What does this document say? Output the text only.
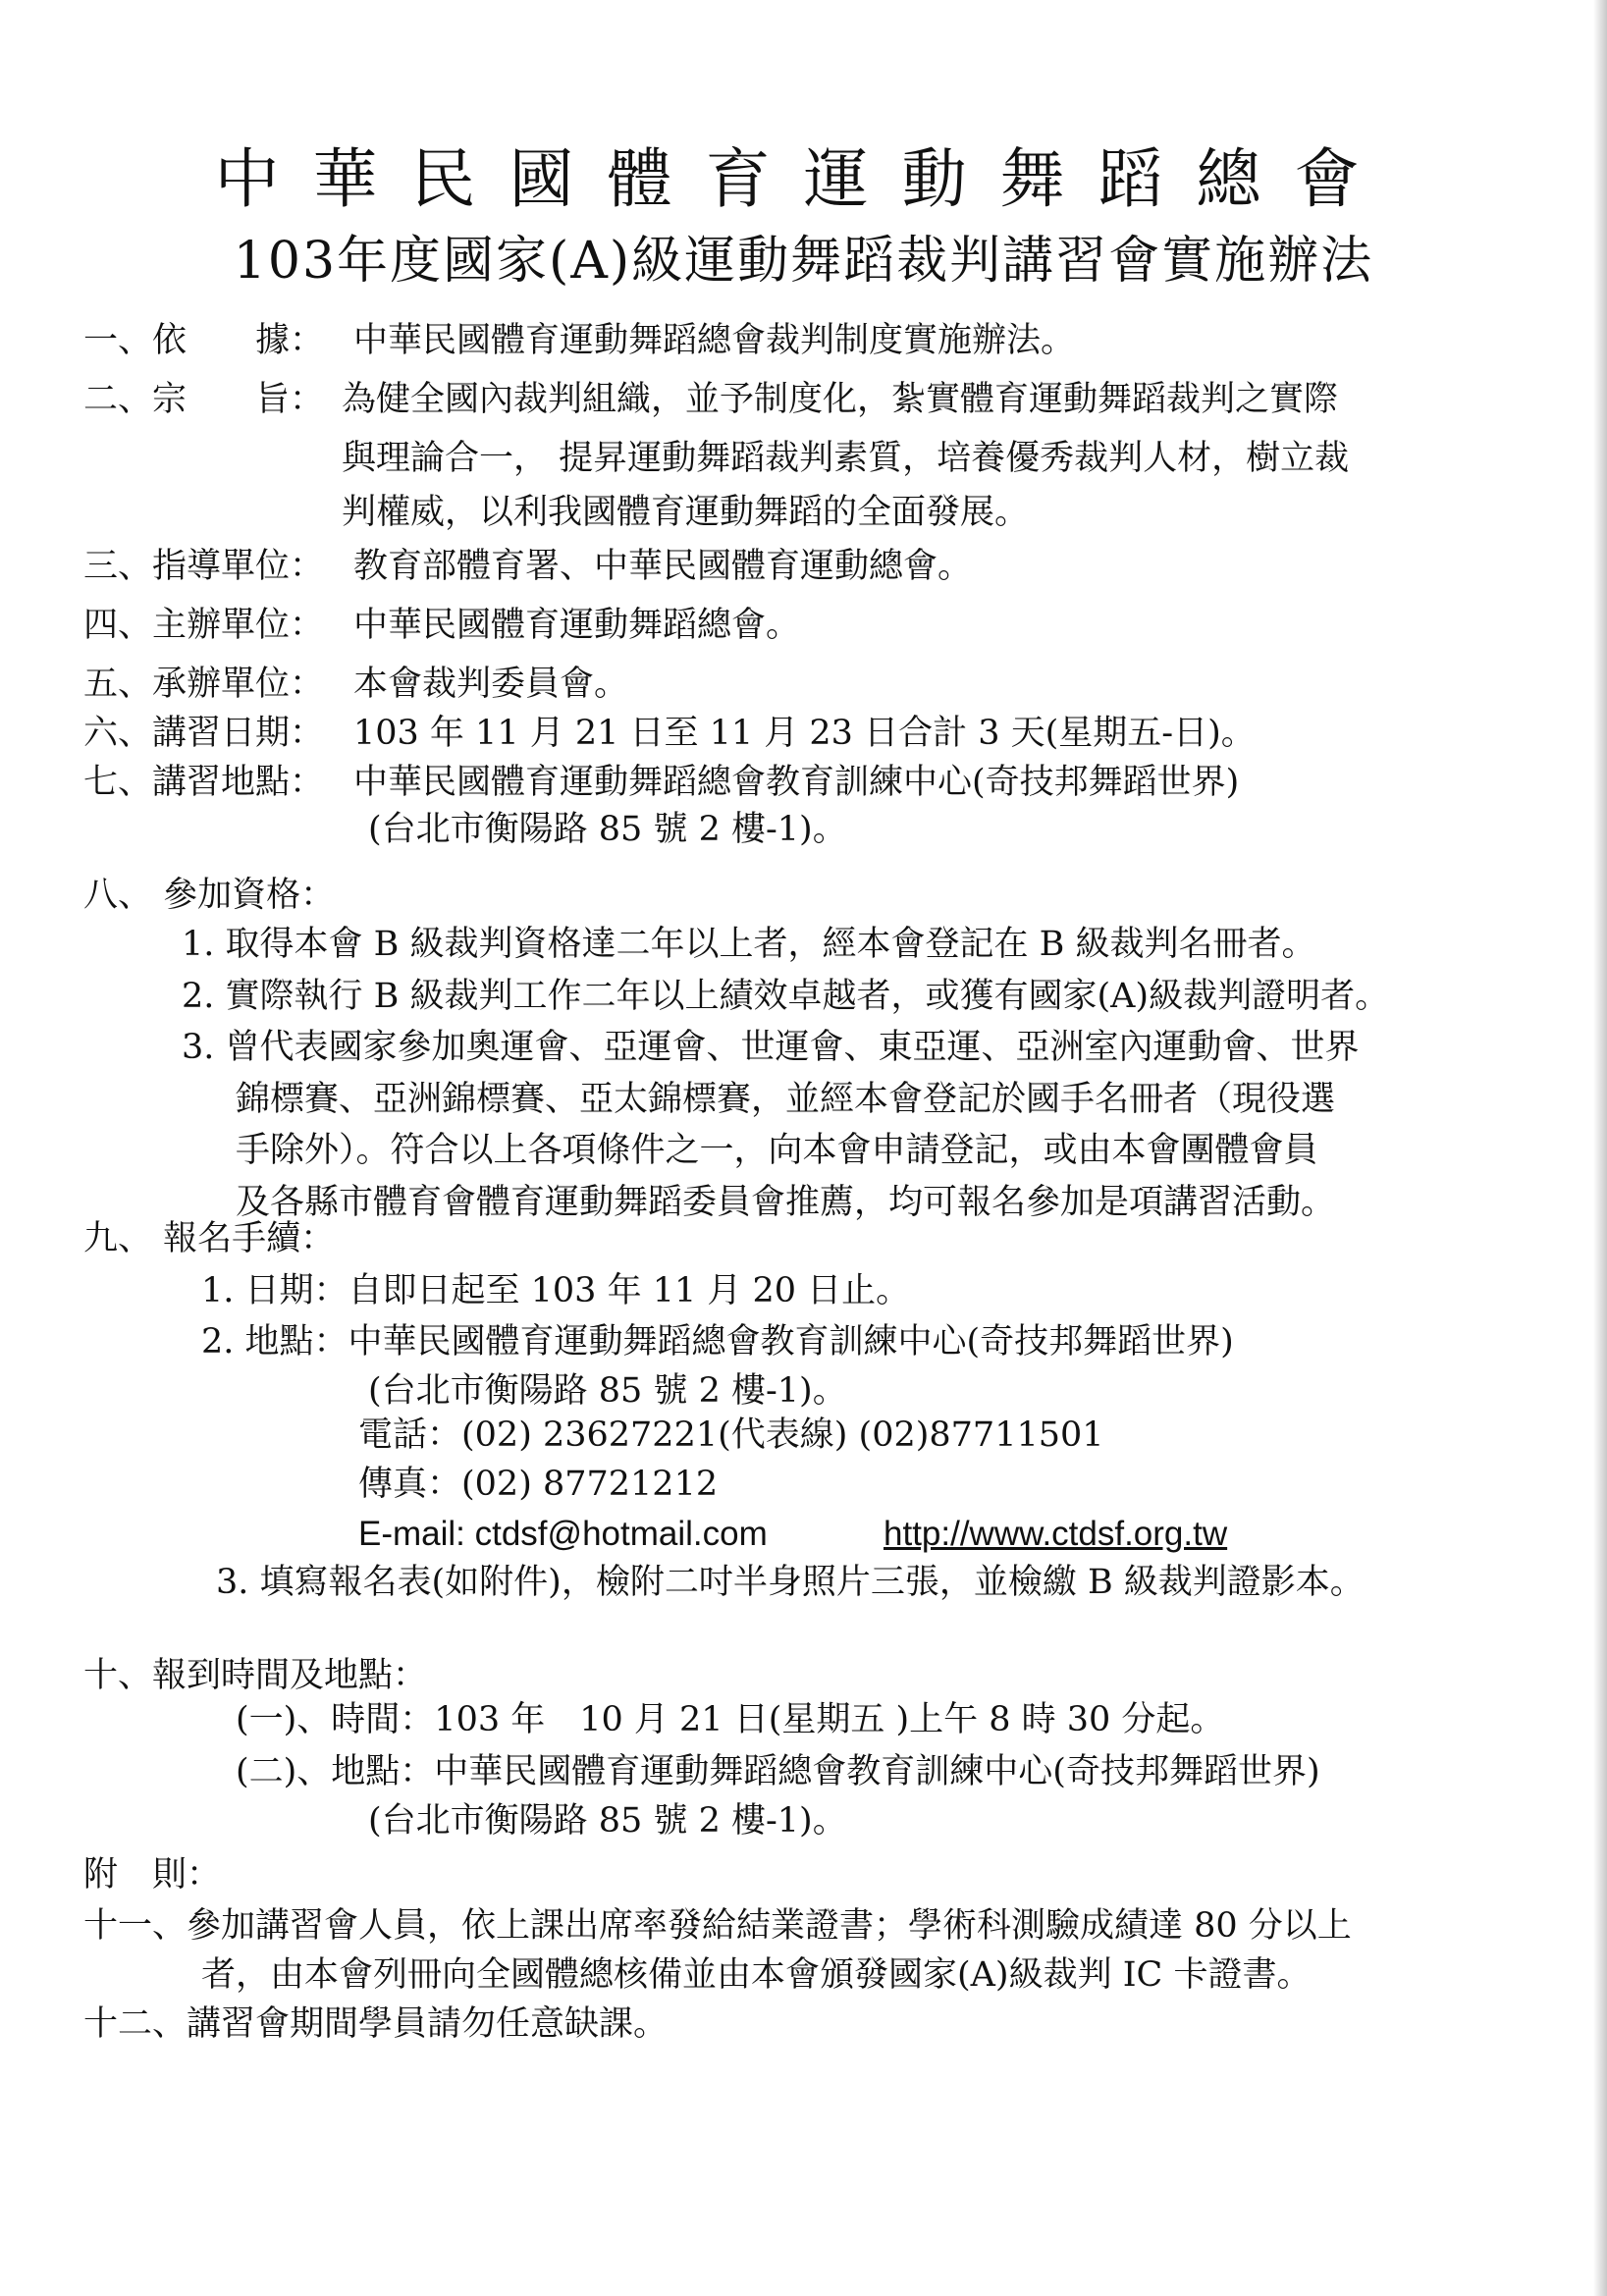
中華民國體育運動舞蹈總會
103年度國家(A)級運動舞蹈裁判講習會實施辦法
一、依　　據： 中華民國體育運動舞蹈總會裁判制度實施辦法。
二、宗　　旨： 為健全國內裁判組織，並予制度化，紮實體育運動舞蹈裁判之實際
與理論合一， 提昇運動舞蹈裁判素質，培養優秀裁判人材，樹立裁
判權威，以利我國體育運動舞蹈的全面發展。
三、指導單位： 教育部體育署、中華民國體育運動總會。
四、主辦單位： 中華民國體育運動舞蹈總會。
五、承辦單位： 本會裁判委員會。
六、講習日期： 103 年 11 月 21 日至 11 月 23 日合計 3 天(星期五-日)。
七、講習地點： 中華民國體育運動舞蹈總會教育訓練中心(奇技邦舞蹈世界)
(台北市衡陽路 85 號 2 樓-1)。
八、 參加資格：
1. 取得本會 B 級裁判資格達二年以上者，經本會登記在 B 級裁判名冊者。
2. 實際執行 B 級裁判工作二年以上績效卓越者，或獲有國家(A)級裁判證明者。
3. 曾代表國家參加奧運會、亞運會、世運會、東亞運、亞洲室內運動會、世界
錦標賽、亞洲錦標賽、亞太錦標賽，並經本會登記於國手名冊者（現役選
手除外）。符合以上各項條件之一，向本會申請登記，或由本會團體會員
及各縣市體育會體育運動舞蹈委員會推薦，均可報名參加是項講習活動。
九、 報名手續：
1. 日期：自即日起至 103 年 11 月 20 日止。
2. 地點：中華民國體育運動舞蹈總會教育訓練中心(奇技邦舞蹈世界)
(台北市衡陽路 85 號 2 樓-1)。
電話：(02) 23627221(代表線) (02)87711501
傳真：(02) 87721212
E-mail: ctdsf@hotmail.com	http://www.ctdsf.org.tw
3. 填寫報名表(如附件)，檢附二吋半身照片三張，並檢繳 B 級裁判證影本。
十、報到時間及地點：
(一)、時間：103 年　10 月 21 日(星期五 )上午 8 時 30 分起。
(二)、地點：中華民國體育運動舞蹈總會教育訓練中心(奇技邦舞蹈世界)
(台北市衡陽路 85 號 2 樓-1)。
附　則：
十一、參加講習會人員，依上課出席率發給結業證書；學術科測驗成績達 80 分以上
者，由本會列冊向全國體總核備並由本會頒發國家(A)級裁判 IC 卡證書。
十二、講習會期間學員請勿任意缺課。
